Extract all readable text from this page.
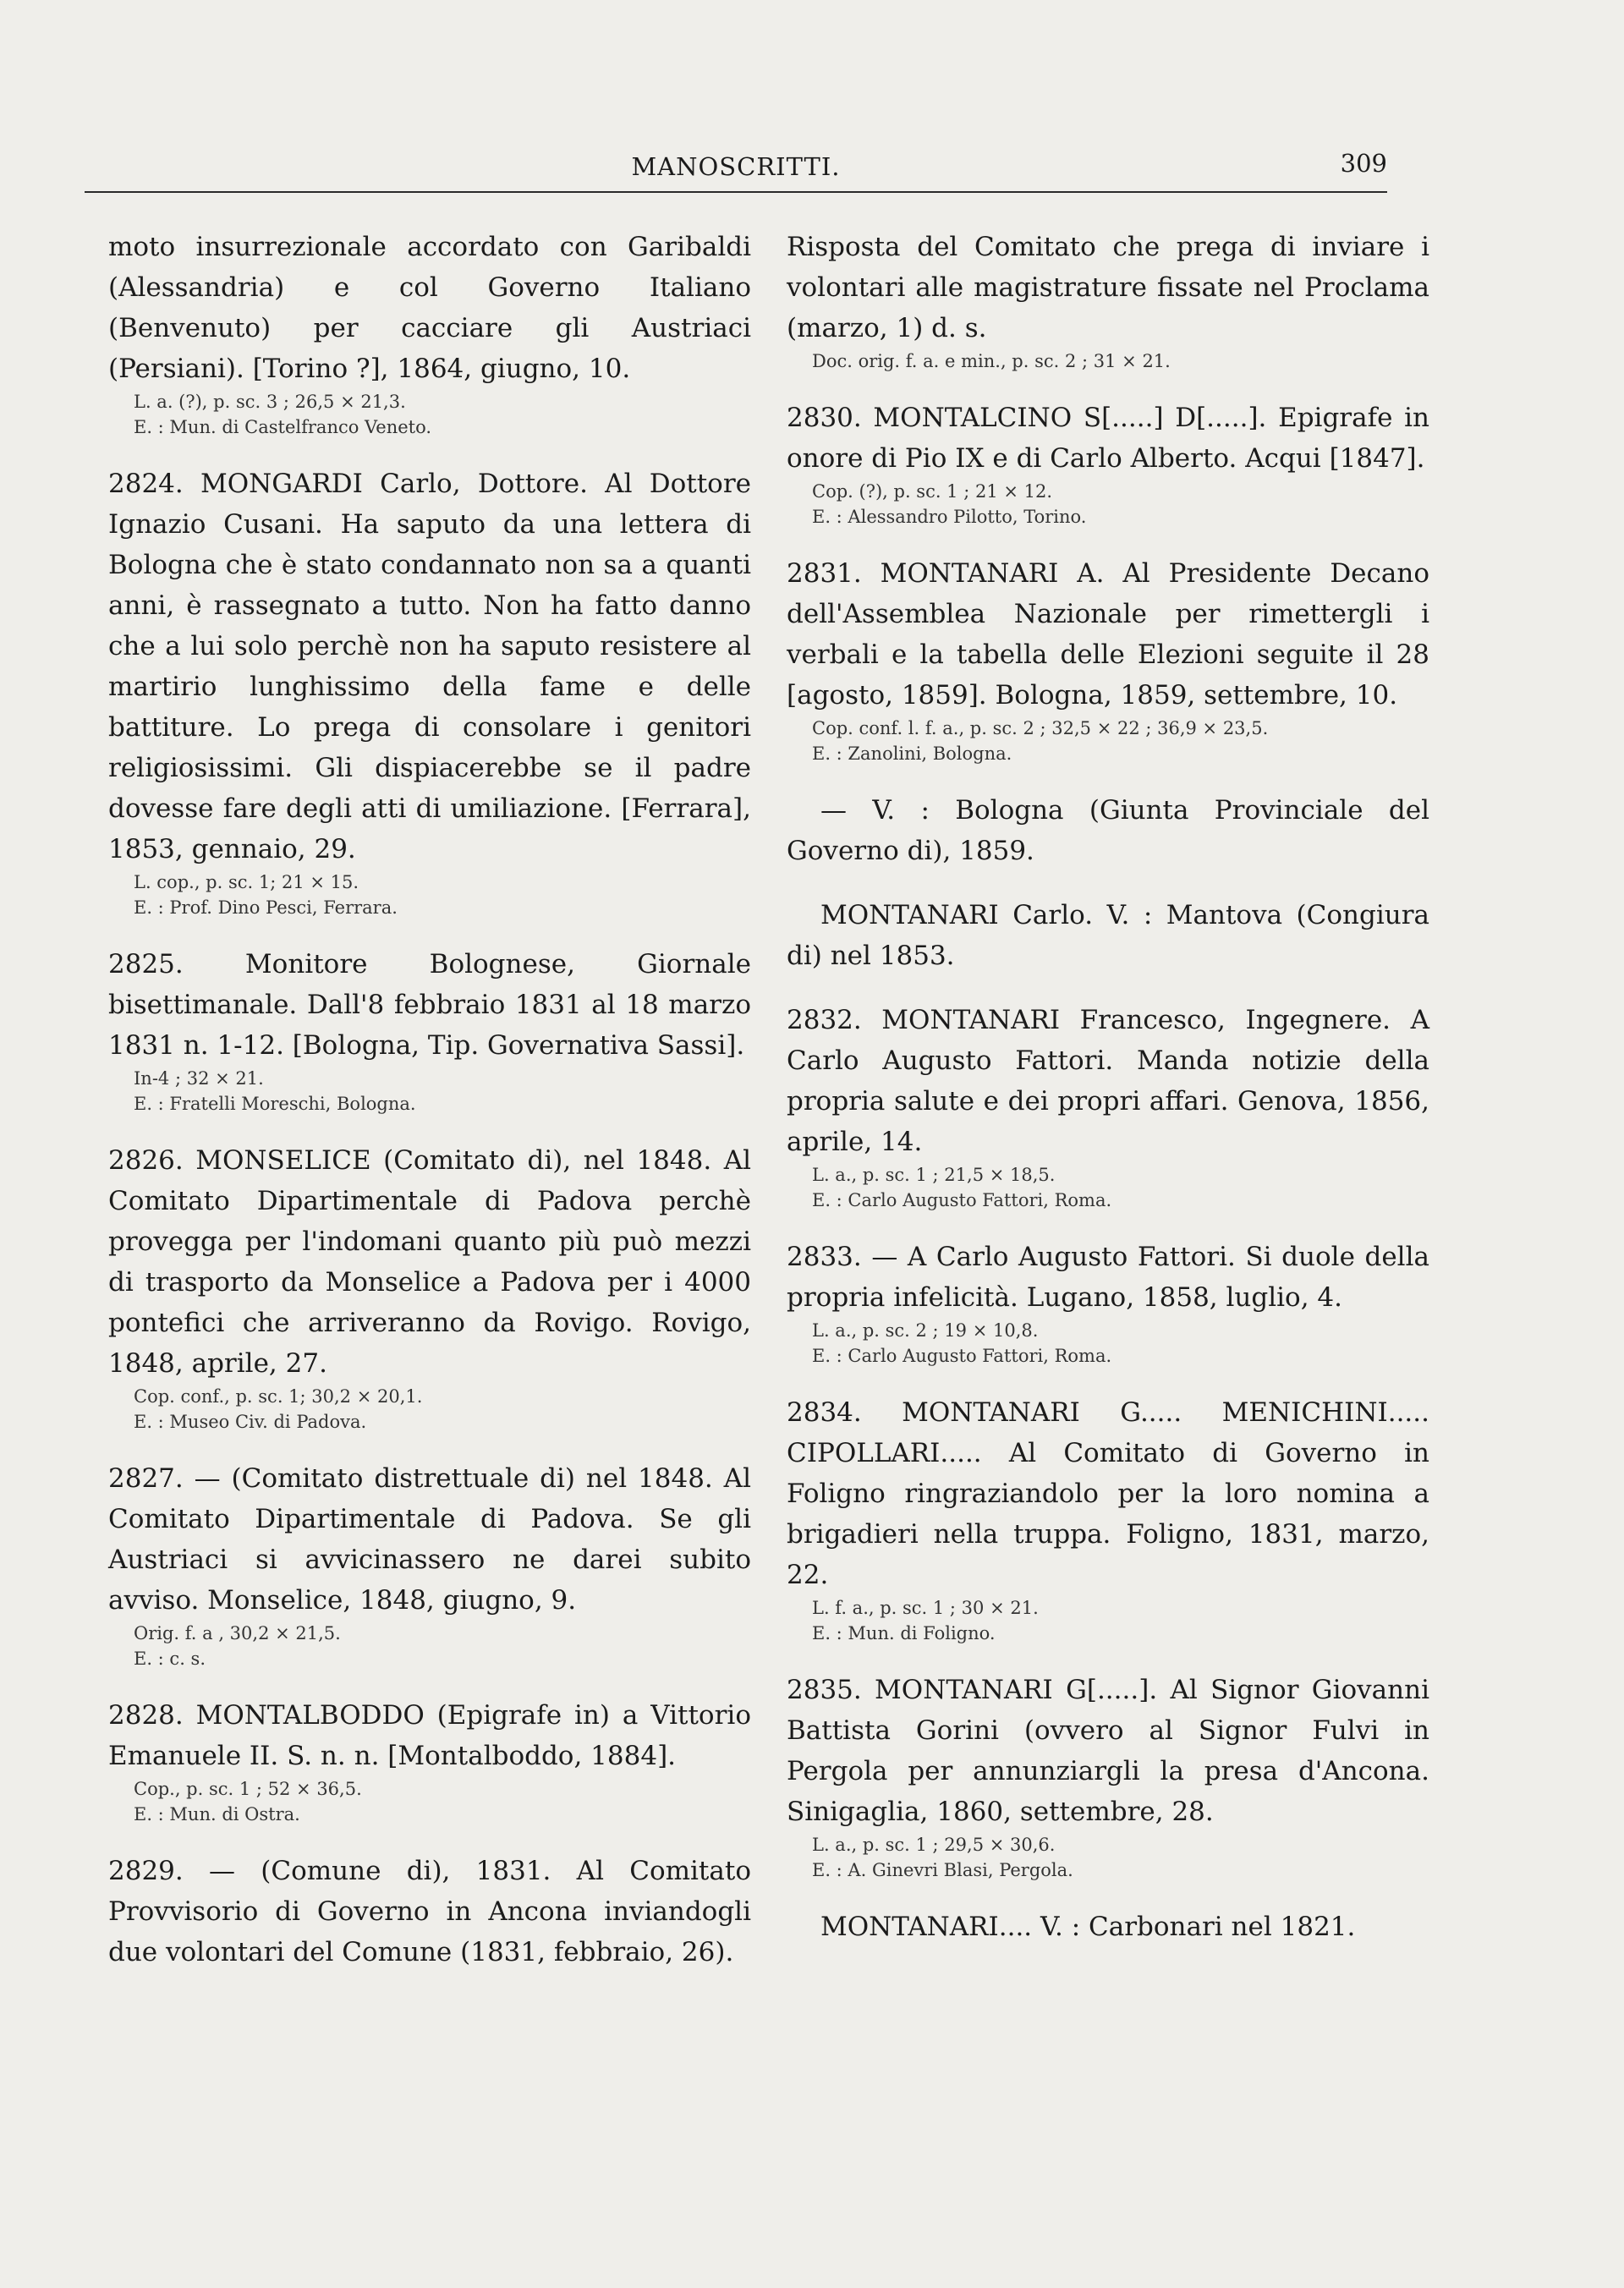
MANOSCRITTI.	309

moto insurrezionale accordato con Garibaldi (Alessandria) e col Governo Italiano (Benvenuto) per cacciare gli Austriaci (Persiani). [Torino ?], 1864, giugno, 10.

L. a. (?), p. sc. 3 ; 26,5 × 21,3.

E. : Mun. di Castelfranco Veneto.

2824. MONGARDI Carlo, Dottore. Al Dottore Ignazio Cusani. Ha saputo da una lettera di Bologna che è stato condannato non sa a quanti anni, è rassegnato a tutto. Non ha fatto danno che a lui solo perchè non ha saputo resistere al martirio lunghissimo della fame e delle battiture. Lo prega di consolare i genitori religiosissimi. Gli dispiacerebbe se il padre dovesse fare degli atti di umiliazione. [Ferrara], 1853, gennaio, 29.

L. cop., p. sc. 1; 21 × 15.

E. : Prof. Dino Pesci, Ferrara.

2825. Monitore Bolognese, Giornale bisettimanale. Dall'8 febbraio 1831 al 18 marzo 1831 n. 1-12. [Bologna, Tip. Governativa Sassi].

In-4 ; 32 × 21.

E. : Fratelli Moreschi, Bologna.

2826. MONSELICE (Comitato di), nel 1848. Al Comitato Dipartimentale di Padova perchè provegga per l'indomani quanto più può mezzi di trasporto da Monselice a Padova per i 4000 pontefici che arriveranno da Rovigo. Rovigo, 1848, aprile, 27.

Cop. conf., p. sc. 1; 30,2 × 20,1.

E. : Museo Civ. di Padova.

2827. — (Comitato distrettuale di) nel 1848. Al Comitato Dipartimentale di Padova. Se gli Austriaci si avvicinassero ne darei subito avviso. Monselice, 1848, giugno, 9.

Orig. f. a , 30,2 × 21,5.

E. : c. s.

2828. MONTALBODDO (Epigrafe in) a Vittorio Emanuele II. S. n. n. [Montalboddo, 1884].

Cop., p. sc. 1 ; 52 × 36,5.

E. : Mun. di Ostra.

2829. — (Comune di), 1831. Al Comitato Provvisorio di Governo in Ancona inviandogli due volontari del Comune (1831, febbraio, 26).

Risposta del Comitato che prega di inviare i volontari alle magistrature fissate nel Proclama (marzo, 1) d. s.

Doc. orig. f. a. e min., p. sc. 2 ; 31 × 21.

2830. MONTALCINO S[.....] D[.....]. Epigrafe in onore di Pio IX e di Carlo Alberto. Acqui [1847].

Cop. (?), p. sc. 1 ; 21 × 12.

E. : Alessandro Pilotto, Torino.

2831. MONTANARI A. Al Presidente Decano dell'Assemblea Nazionale per rimettergli i verbali e la tabella delle Elezioni seguite il 28 [agosto, 1859]. Bologna, 1859, settembre, 10.

Cop. conf. l. f. a., p. sc. 2 ; 32,5 × 22 ; 36,9 × 23,5.

E. : Zanolini, Bologna.

— V. : Bologna (Giunta Provinciale del Governo di), 1859.

MONTANARI Carlo. V. : Mantova (Congiura di) nel 1853.

2832. MONTANARI Francesco, Ingegnere. A Carlo Augusto Fattori. Manda notizie della propria salute e dei propri affari. Genova, 1856, aprile, 14.

L. a., p. sc. 1 ; 21,5 × 18,5.

E. : Carlo Augusto Fattori, Roma.

2833. — A Carlo Augusto Fattori. Si duole della propria infelicità. Lugano, 1858, luglio, 4.

L. a., p. sc. 2 ; 19 × 10,8.

E. : Carlo Augusto Fattori, Roma.

2834. MONTANARI G..... MENICHINI..... CIPOLLARI..... Al Comitato di Governo in Foligno ringraziandolo per la loro nomina a brigadieri nella truppa. Foligno, 1831, marzo, 22.

L. f. a., p. sc. 1 ; 30 × 21.

E. : Mun. di Foligno.

2835. MONTANARI G[.....]. Al Signor Giovanni Battista Gorini (ovvero al Signor Fulvi in Pergola per annunziargli la presa d'Ancona. Sinigaglia, 1860, settembre, 28.

L. a., p. sc. 1 ; 29,5 × 30,6.

E. : A. Ginevri Blasi, Pergola.

MONTANARI.... V. : Carbonari nel 1821.
